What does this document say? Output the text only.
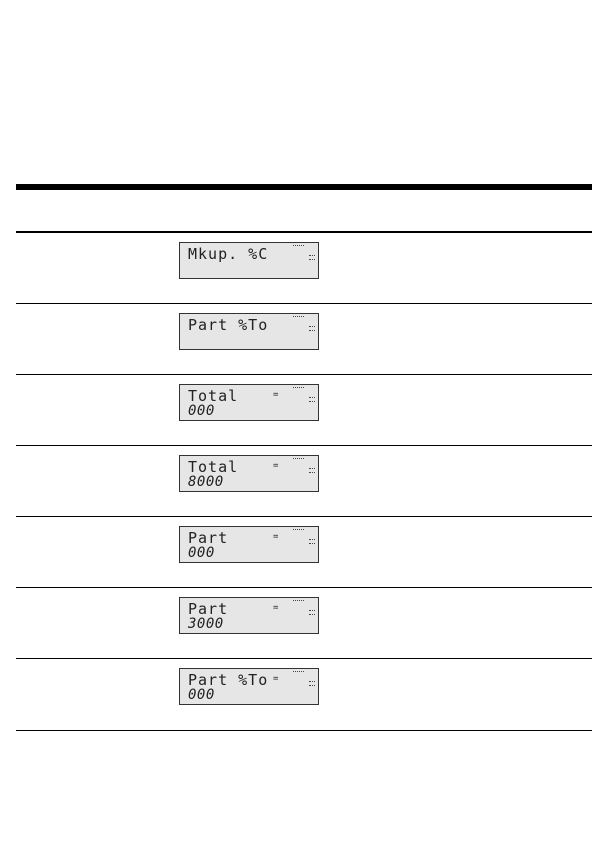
Mkup. %C
Part %To
Total	=
000
Total	=
8000
Part	=
000
Part	=
3000
Part %To =
000
